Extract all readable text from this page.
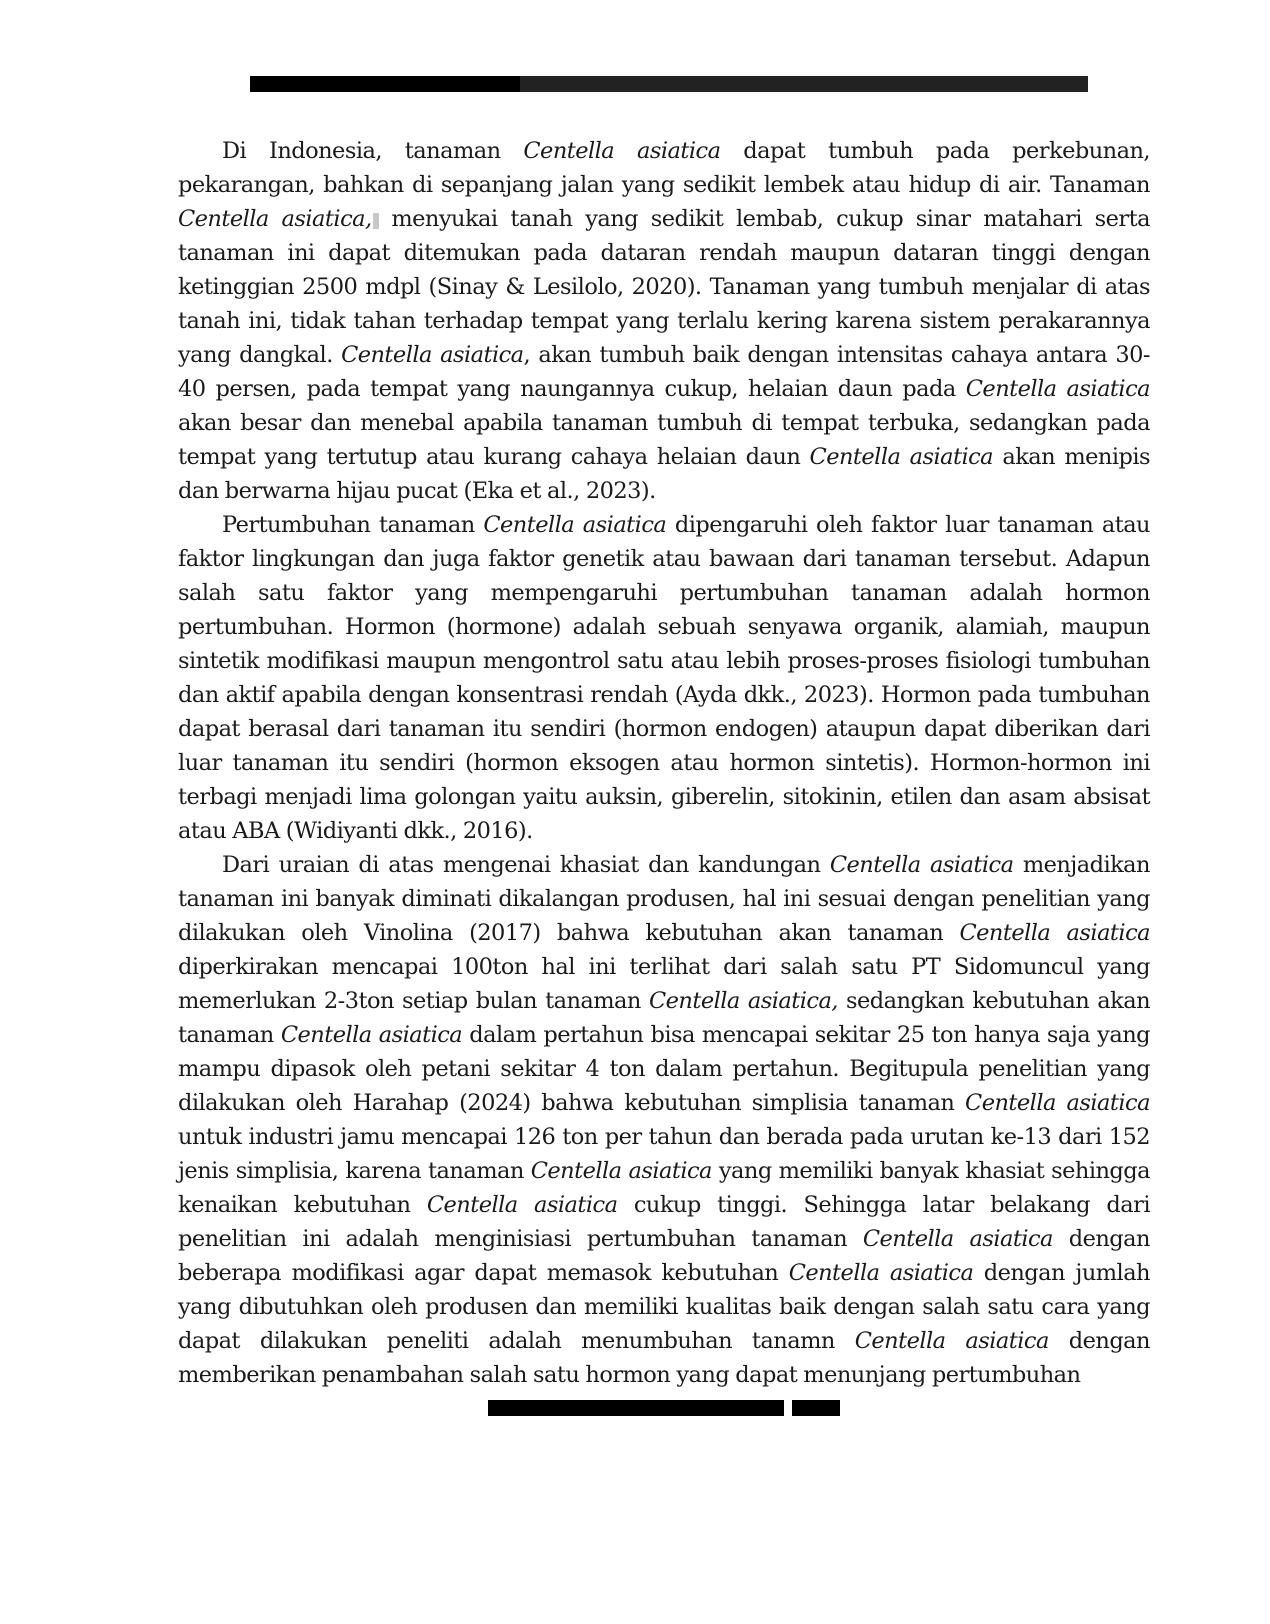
Di Indonesia, tanaman Centella asiatica dapat tumbuh pada perkebunan, pekarangan, bahkan di sepanjang jalan yang sedikit lembek atau hidup di air. Tanaman Centella asiatica, menyukai tanah yang sedikit lembab, cukup sinar matahari serta tanaman ini dapat ditemukan pada dataran rendah maupun dataran tinggi dengan ketinggian 2500 mdpl (Sinay & Lesilolo, 2020). Tanaman yang tumbuh menjalar di atas tanah ini, tidak tahan terhadap tempat yang terlalu kering karena sistem perakarannya yang dangkal. Centella asiatica, akan tumbuh baik dengan intensitas cahaya antara 30-40 persen, pada tempat yang naungannya cukup, helaian daun pada Centella asiatica akan besar dan menebal apabila tanaman tumbuh di tempat terbuka, sedangkan pada tempat yang tertutup atau kurang cahaya helaian daun Centella asiatica akan menipis dan berwarna hijau pucat (Eka et al., 2023).

Pertumbuhan tanaman Centella asiatica dipengaruhi oleh faktor luar tanaman atau faktor lingkungan dan juga faktor genetik atau bawaan dari tanaman tersebut. Adapun salah satu faktor yang mempengaruhi pertumbuhan tanaman adalah hormon pertumbuhan. Hormon (hormone) adalah sebuah senyawa organik, alamiah, maupun sintetik modifikasi maupun mengontrol satu atau lebih proses-proses fisiologi tumbuhan dan aktif apabila dengan konsentrasi rendah (Ayda dkk., 2023). Hormon pada tumbuhan dapat berasal dari tanaman itu sendiri (hormon endogen) ataupun dapat diberikan dari luar tanaman itu sendiri (hormon eksogen atau hormon sintetis). Hormon-hormon ini terbagi menjadi lima golongan yaitu auksin, giberelin, sitokinin, etilen dan asam absisat atau ABA (Widiyanti dkk., 2016).

Dari uraian di atas mengenai khasiat dan kandungan Centella asiatica menjadikan tanaman ini banyak diminati dikalangan produsen, hal ini sesuai dengan penelitian yang dilakukan oleh Vinolina (2017) bahwa kebutuhan akan tanaman Centella asiatica diperkirakan mencapai 100ton hal ini terlihat dari salah satu PT Sidomuncul yang memerlukan 2-3ton setiap bulan tanaman Centella asiatica, sedangkan kebutuhan akan tanaman Centella asiatica dalam pertahun bisa mencapai sekitar 25 ton hanya saja yang mampu dipasok oleh petani sekitar 4 ton dalam pertahun. Begitupula penelitian yang dilakukan oleh Harahap (2024) bahwa kebutuhan simplisia tanaman Centella asiatica untuk industri jamu mencapai 126 ton per tahun dan berada pada urutan ke-13 dari 152 jenis simplisia, karena tanaman Centella asiatica yang memiliki banyak khasiat sehingga kenaikan kebutuhan Centella asiatica cukup tinggi. Sehingga latar belakang dari penelitian ini adalah menginisiasi pertumbuhan tanaman Centella asiatica dengan beberapa modifikasi agar dapat memasok kebutuhan Centella asiatica dengan jumlah yang dibutuhkan oleh produsen dan memiliki kualitas baik dengan salah satu cara yang dapat dilakukan peneliti adalah menumbuhan tanamn Centella asiatica dengan memberikan penambahan salah satu hormon yang dapat menunjang pertumbuhan
